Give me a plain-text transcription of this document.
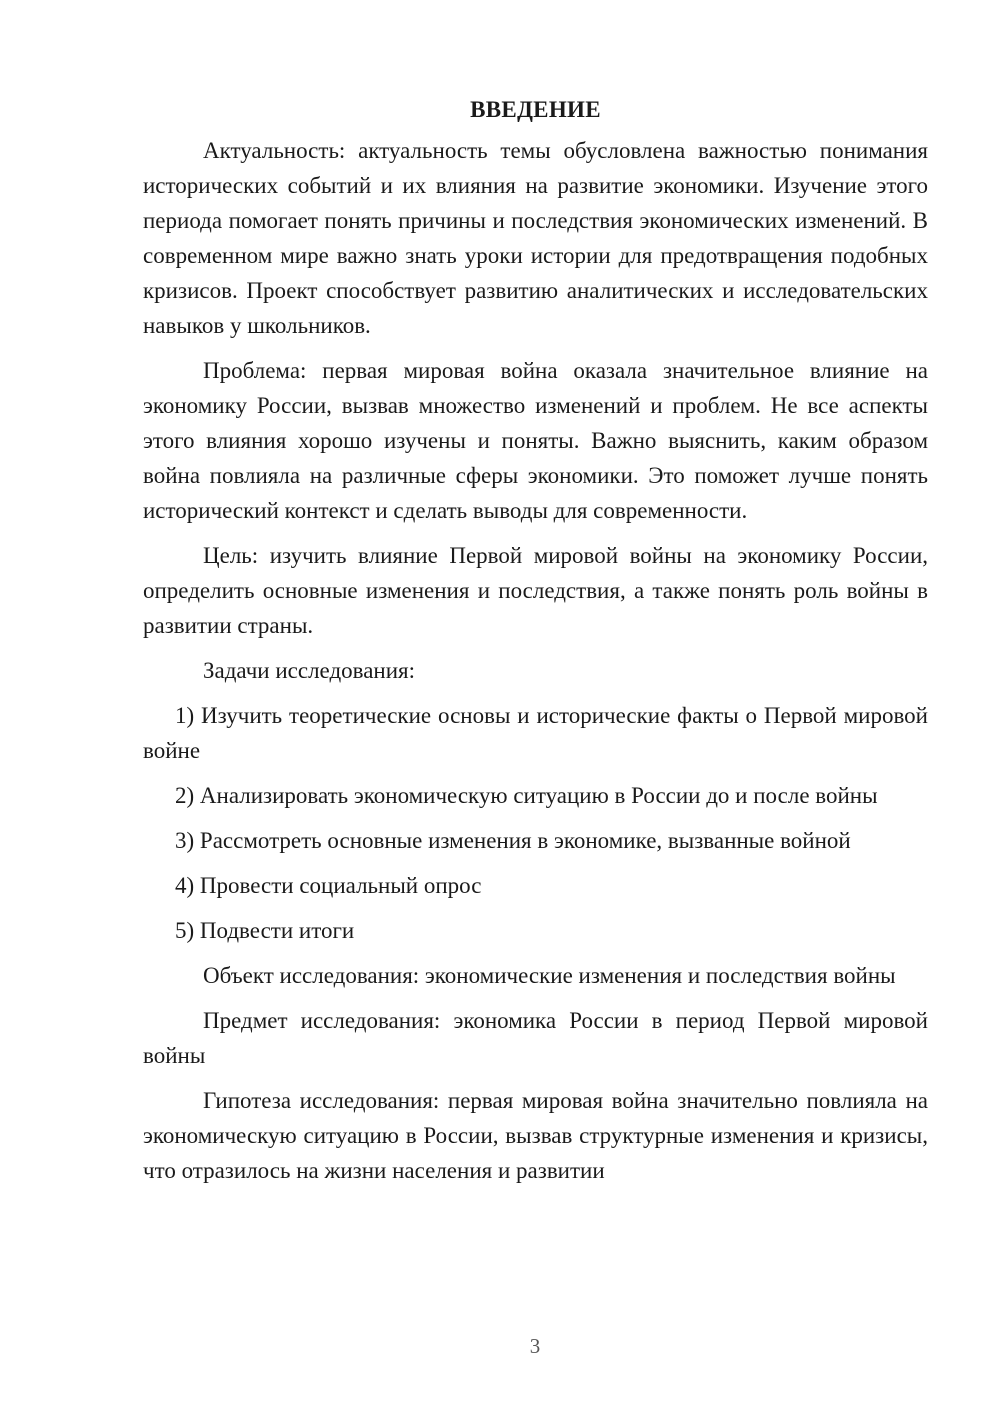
ВВЕДЕНИЕ

Актуальность: актуальность темы обусловлена важностью понимания исторических событий и их влияния на развитие экономики. Изучение этого периода помогает понять причины и последствия экономических изменений. В современном мире важно знать уроки истории для предотвращения подобных кризисов. Проект способствует развитию аналитических и исследовательских навыков у школьников.

Проблема: первая мировая война оказала значительное влияние на экономику России, вызвав множество изменений и проблем. Не все аспекты этого влияния хорошо изучены и поняты. Важно выяснить, каким образом война повлияла на различные сферы экономики. Это поможет лучше понять исторический контекст и сделать выводы для современности.

Цель: изучить влияние Первой мировой войны на экономику России, определить основные изменения и последствия, а также понять роль войны в развитии страны.

Задачи исследования:

1) Изучить теоретические основы и исторические факты о Первой мировой войне

2) Анализировать экономическую ситуацию в России до и после войны

3) Рассмотреть основные изменения в экономике, вызванные войной

4) Провести социальный опрос

5) Подвести итоги

Объект исследования: экономические изменения и последствия войны

Предмет исследования: экономика России в период Первой мировой войны

Гипотеза исследования: первая мировая война значительно повлияла на экономическую ситуацию в России, вызвав структурные изменения и кризисы, что отразилось на жизни населения и развитии

3
